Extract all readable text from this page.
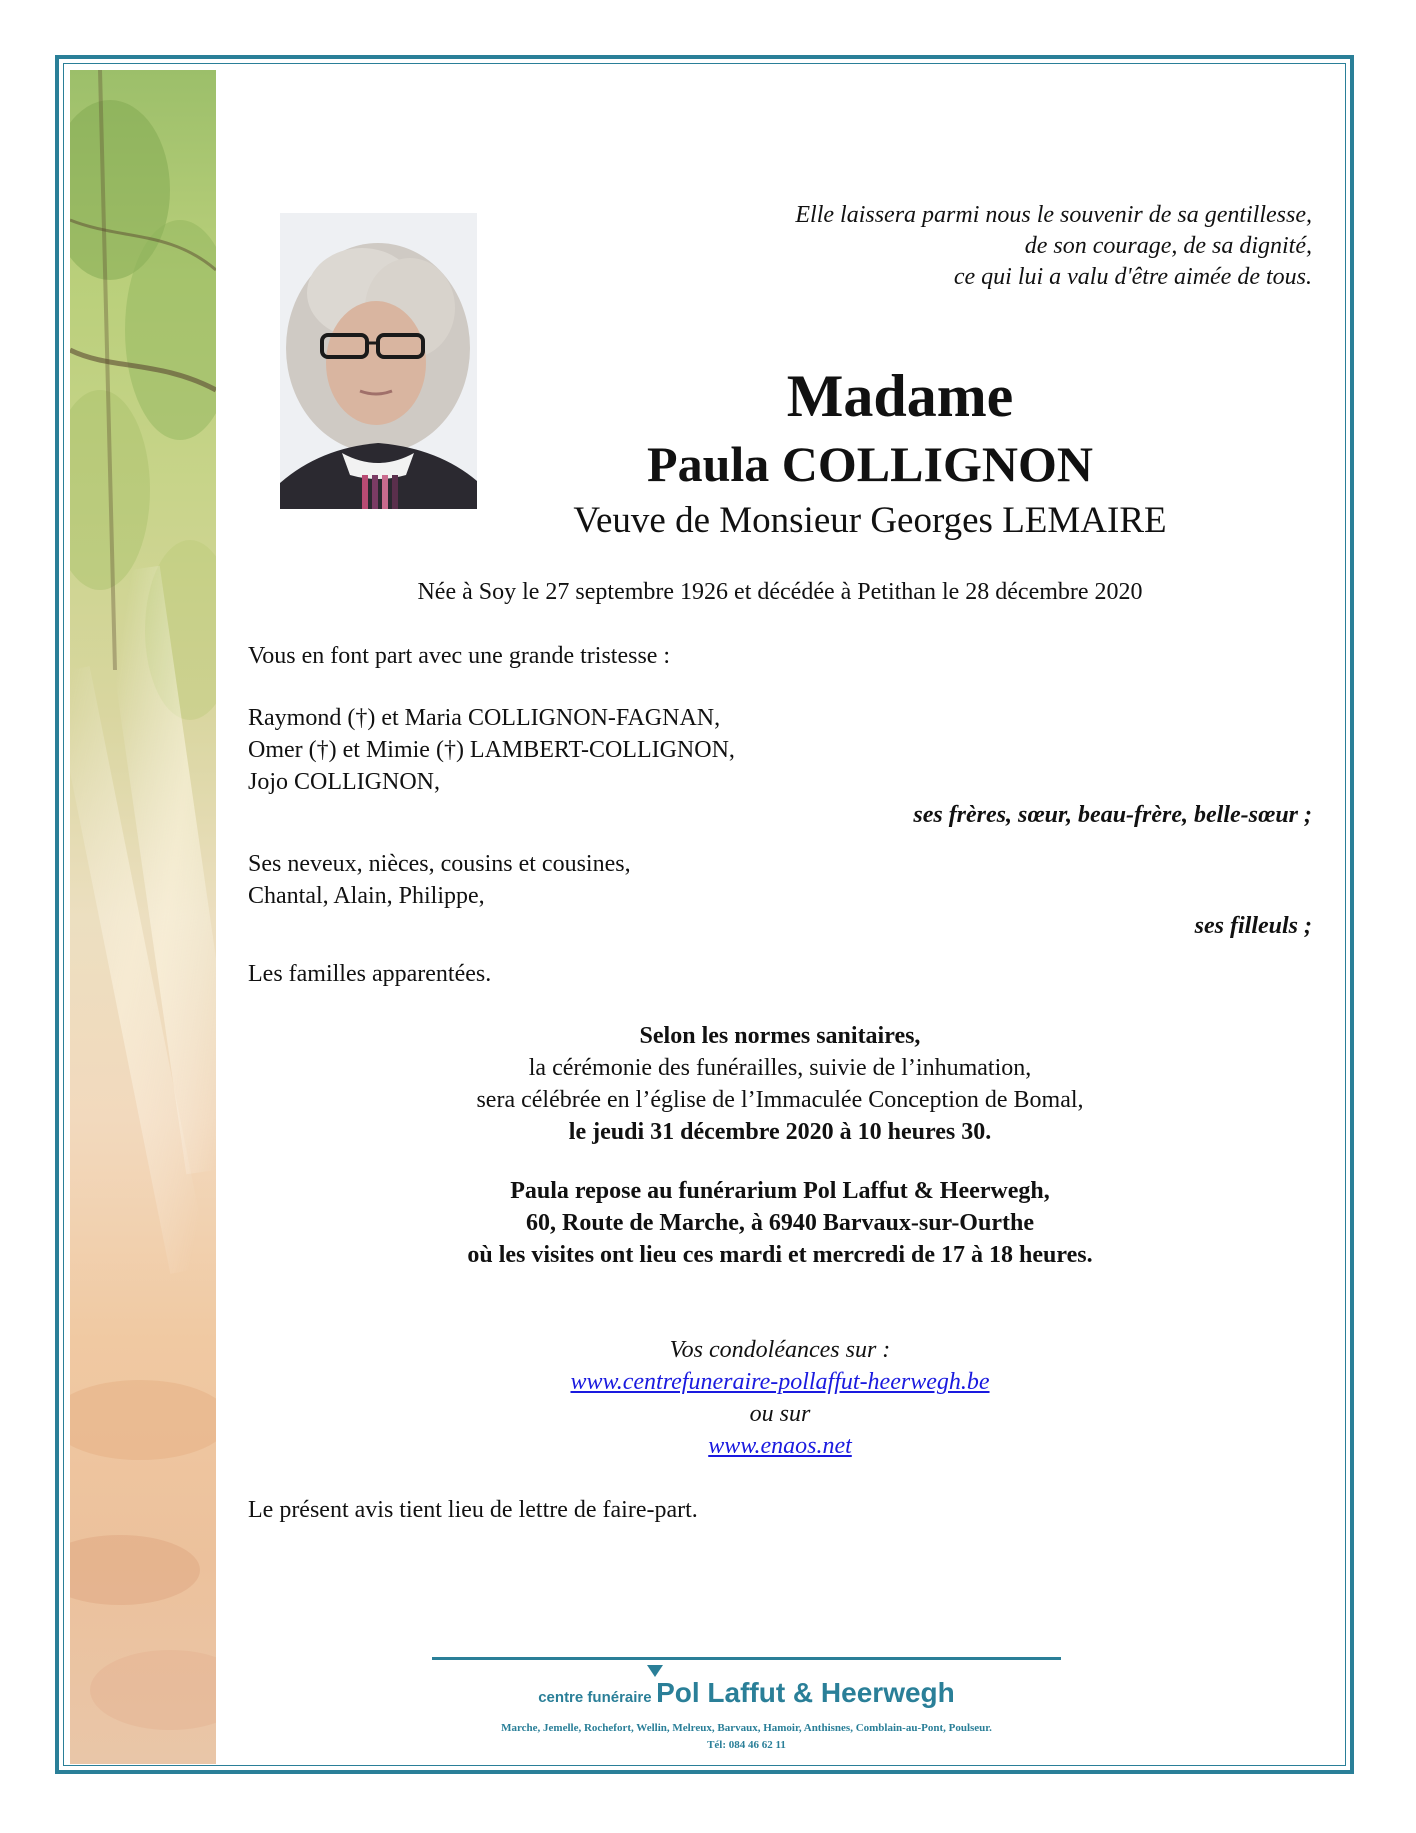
Elle laissera parmi nous le souvenir de sa gentillesse,
de son courage, de sa dignité,
ce qui lui a valu d'être aimée de tous.
Madame
Paula COLLIGNON
Veuve de Monsieur Georges LEMAIRE
Née à Soy le 27 septembre 1926 et décédée à Petithan le 28 décembre 2020
Vous en font part avec une grande tristesse :
Raymond (†) et Maria COLLIGNON-FAGNAN,
Omer (†) et Mimie (†) LAMBERT-COLLIGNON,
Jojo COLLIGNON,
ses frères, sœur, beau-frère, belle-sœur ;
Ses neveux, nièces, cousins et cousines,
Chantal, Alain, Philippe,
ses filleuls ;
Les familles apparentées.
Selon les normes sanitaires,
la cérémonie des funérailles, suivie de l’inhumation,
sera célébrée en l’église de l’Immaculée Conception de Bomal,
le jeudi 31 décembre 2020 à 10 heures 30.
Paula repose au funérarium Pol Laffut & Heerwegh,
60, Route de Marche, à 6940 Barvaux-sur-Ourthe
où les visites ont lieu ces mardi et mercredi de 17 à 18 heures.
Vos condoléances sur :
www.centrefuneraire-pollaffut-heerwegh.be
ou sur
www.enaos.net
Le présent avis tient lieu de lettre de faire-part.
centre funéraire Pol Laffut & Heerwegh
Marche, Jemelle, Rochefort, Wellin, Melreux, Barvaux, Hamoir, Anthisnes, Comblain-au-Pont, Poulseur.
Tél: 084 46 62 11
